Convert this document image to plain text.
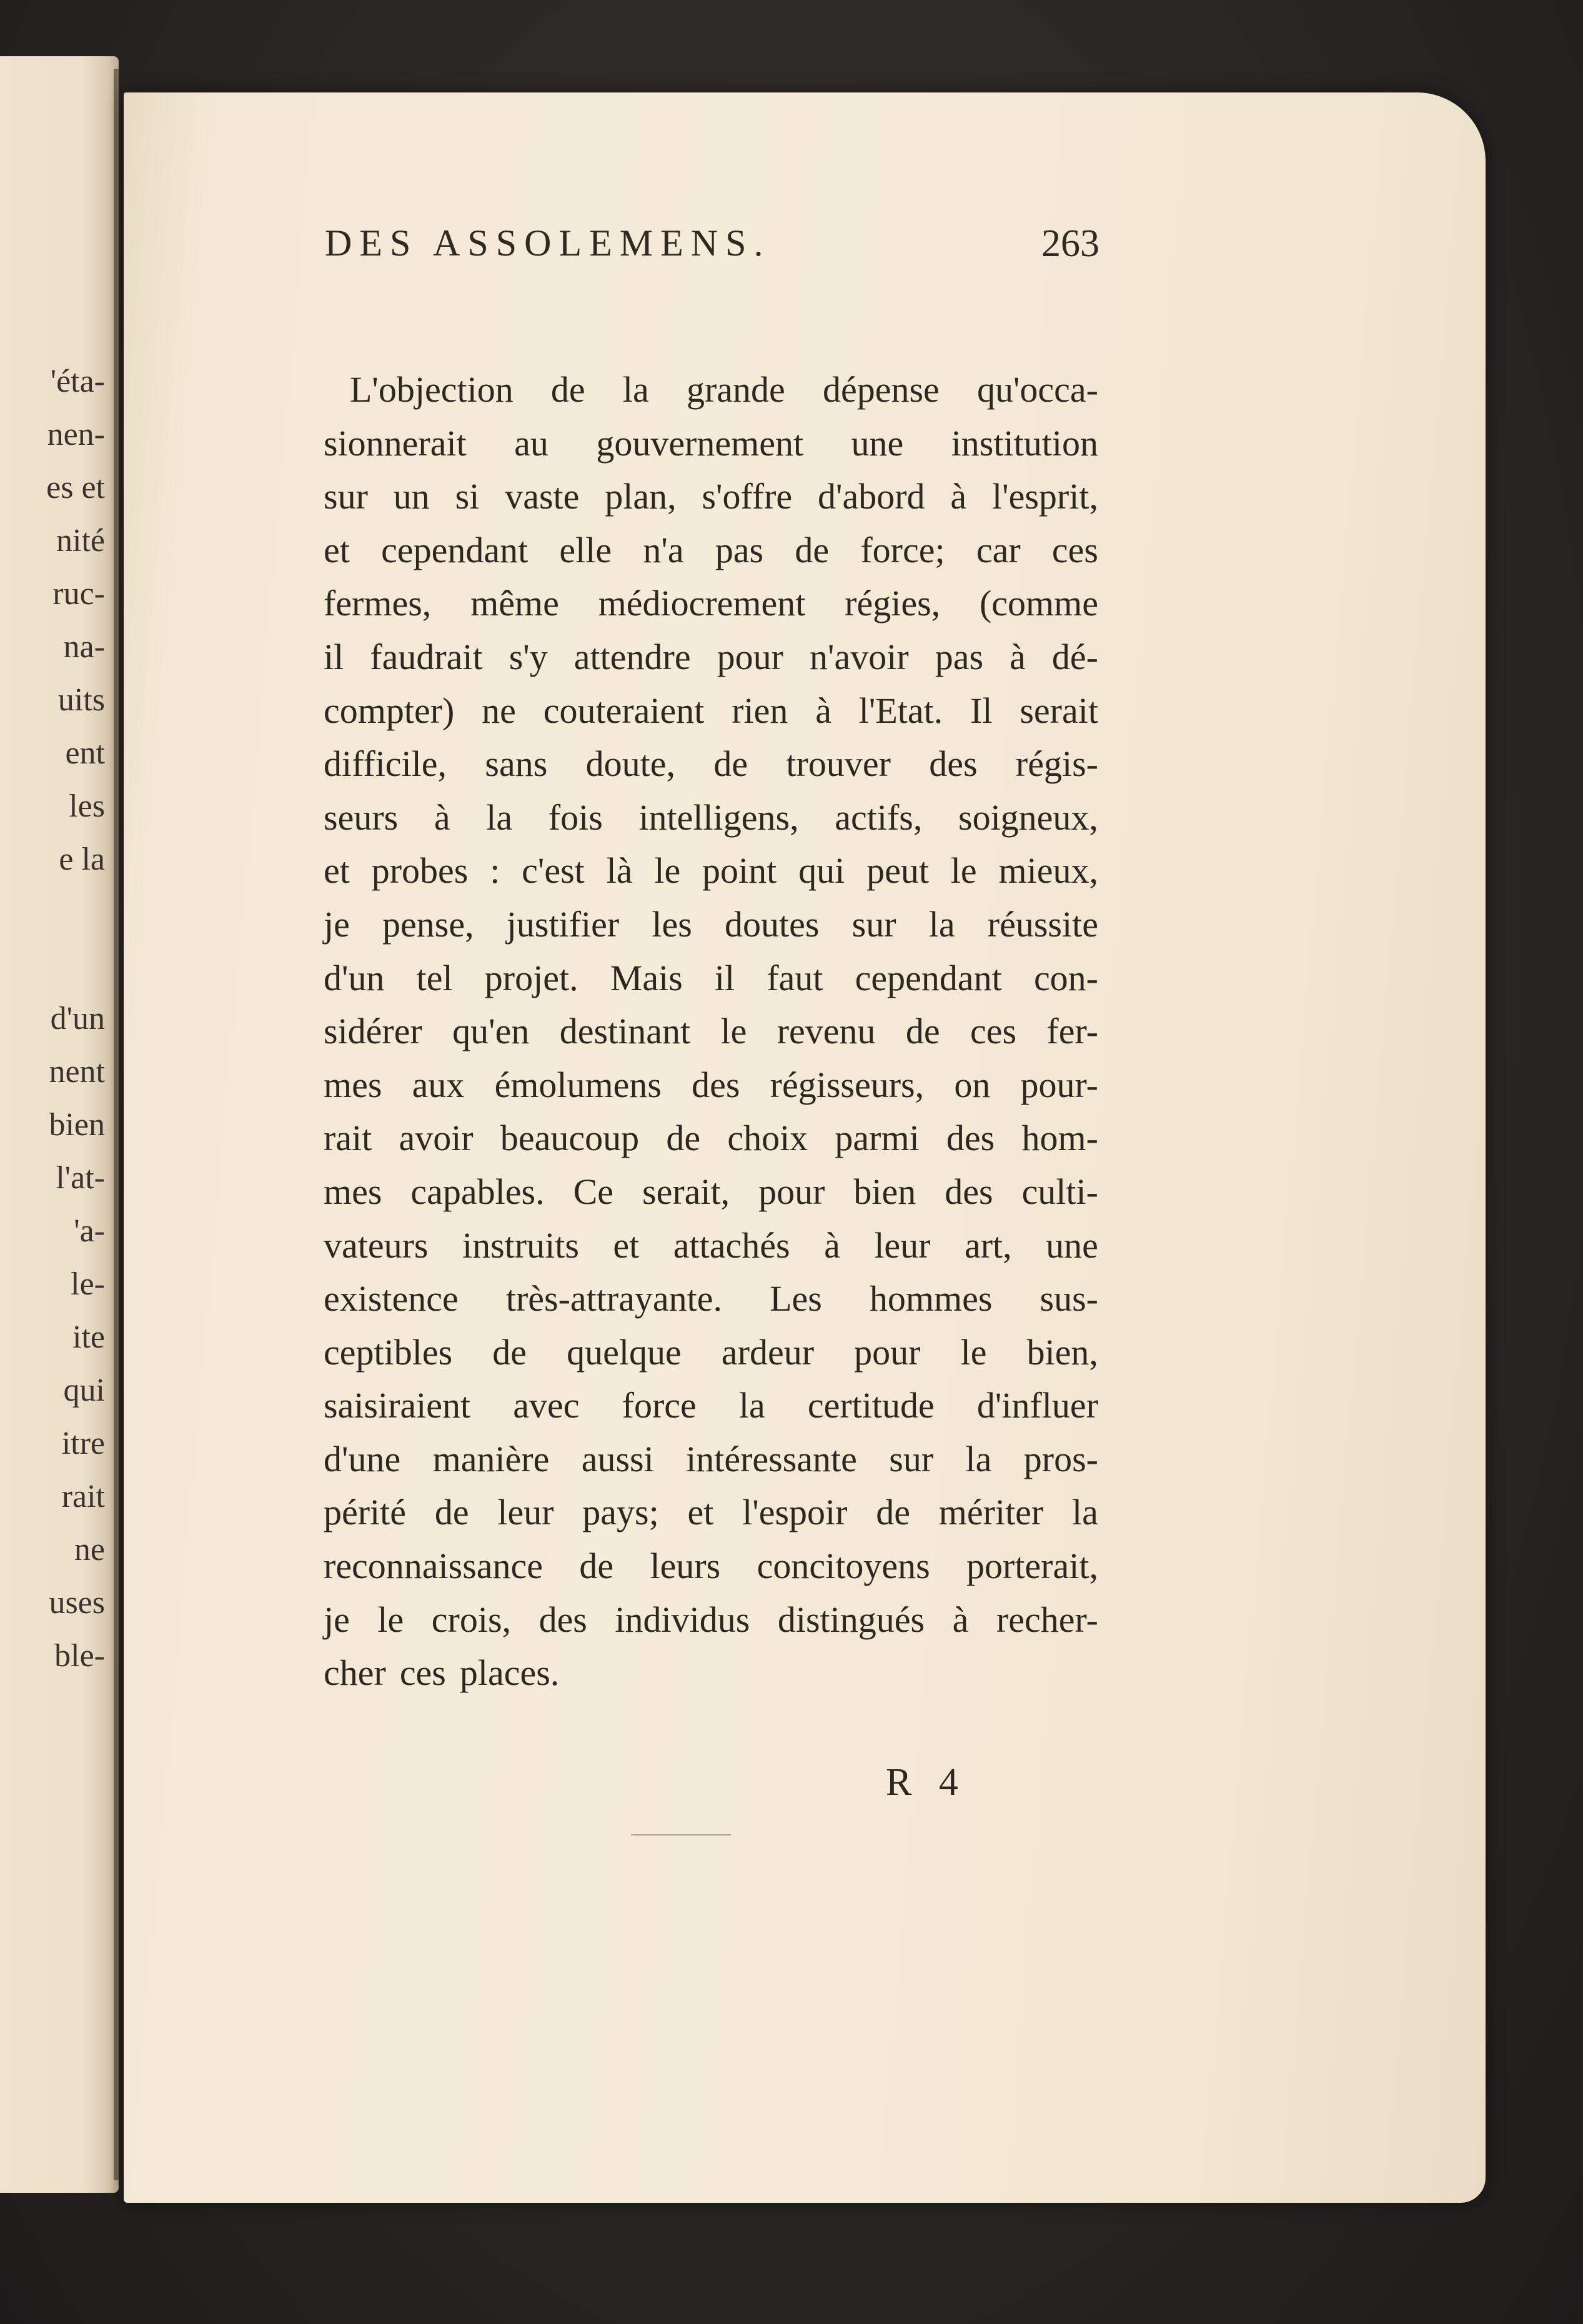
'éta-
nen-
es et
nité
ruc-
na-
uits
ent
les
e la
d'un
nent
bien
l'at-
'a-
le-
ite
qui
itre
rait
ne
uses
ble-
DES ASSOLEMENS.	263
L'objection de la grande dépense qu'occa-
sionnerait au gouvernement une institution
sur un si vaste plan, s'offre d'abord à l'esprit,
et cependant elle n'a pas de force; car ces
fermes, même médiocrement régies, (comme
il faudrait s'y attendre pour n'avoir pas à dé-
compter) ne couteraient rien à l'Etat. Il serait
difficile, sans doute, de trouver des régis-
seurs à la fois intelligens, actifs, soigneux,
et probes : c'est là le point qui peut le mieux,
je pense, justifier les doutes sur la réussite
d'un tel projet. Mais il faut cependant con-
sidérer qu'en destinant le revenu de ces fer-
mes aux émolumens des régisseurs, on pour-
rait avoir beaucoup de choix parmi des hom-
mes capables. Ce serait, pour bien des culti-
vateurs instruits et attachés à leur art, une
existence très-attrayante. Les hommes sus-
ceptibles de quelque ardeur pour le bien,
saisiraient avec force la certitude d'influer
d'une manière aussi intéressante sur la pros-
périté de leur pays; et l'espoir de mériter la
reconnaissance de leurs concitoyens porterait,
je le crois, des individus distingués à recher-
cher ces places.
R 4
